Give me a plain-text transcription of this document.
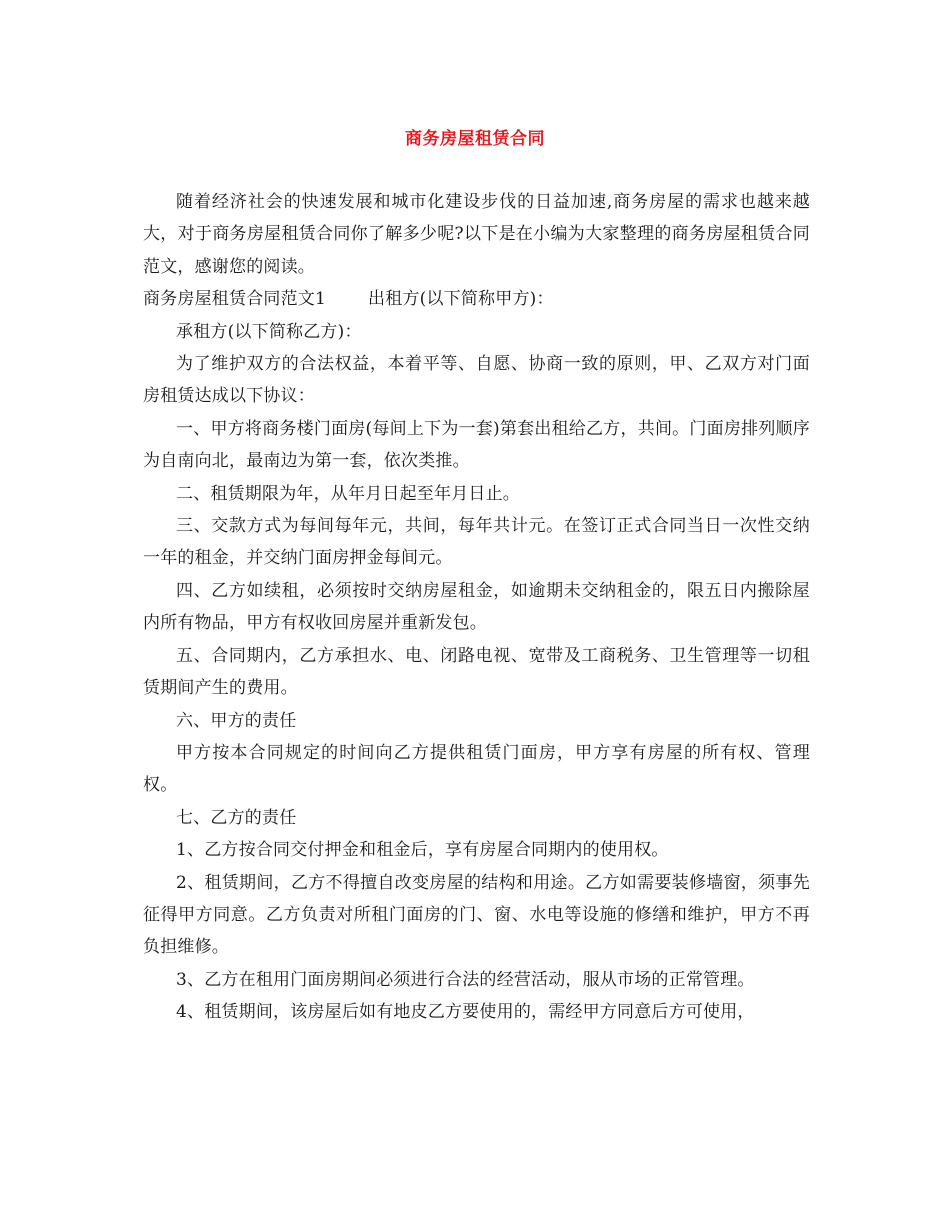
商务房屋租赁合同

随着经济社会的快速发展和城市化建设步伐的日益加速,商务房屋的需求也越来越大，对于商务房屋租赁合同你了解多少呢?以下是在小编为大家整理的商务房屋租赁合同范文，感谢您的阅读。

商务房屋租赁合同范文1 出租方(以下简称甲方)：

承租方(以下简称乙方)：

为了维护双方的合法权益，本着平等、自愿、协商一致的原则，甲、乙双方对门面房租赁达成以下协议：

一、甲方将商务楼门面房(每间上下为一套)第套出租给乙方，共间。门面房排列顺序为自南向北，最南边为第一套，依次类推。

二、租赁期限为年，从年月日起至年月日止。

三、交款方式为每间每年元，共间，每年共计元。在签订正式合同当日一次性交纳一年的租金，并交纳门面房押金每间元。

四、乙方如续租，必须按时交纳房屋租金，如逾期未交纳租金的，限五日内搬除屋内所有物品，甲方有权收回房屋并重新发包。

五、合同期内，乙方承担水、电、闭路电视、宽带及工商税务、卫生管理等一切租赁期间产生的费用。

六、甲方的责任

甲方按本合同规定的时间向乙方提供租赁门面房，甲方享有房屋的所有权、管理权。

七、乙方的责任

1、乙方按合同交付押金和租金后，享有房屋合同期内的使用权。

2、租赁期间，乙方不得擅自改变房屋的结构和用途。乙方如需要装修墙窗，须事先征得甲方同意。乙方负责对所租门面房的门、窗、水电等设施的修缮和维护，甲方不再负担维修。

3、乙方在租用门面房期间必须进行合法的经营活动，服从市场的正常管理。

4、租赁期间，该房屋后如有地皮乙方要使用的，需经甲方同意后方可使用，
